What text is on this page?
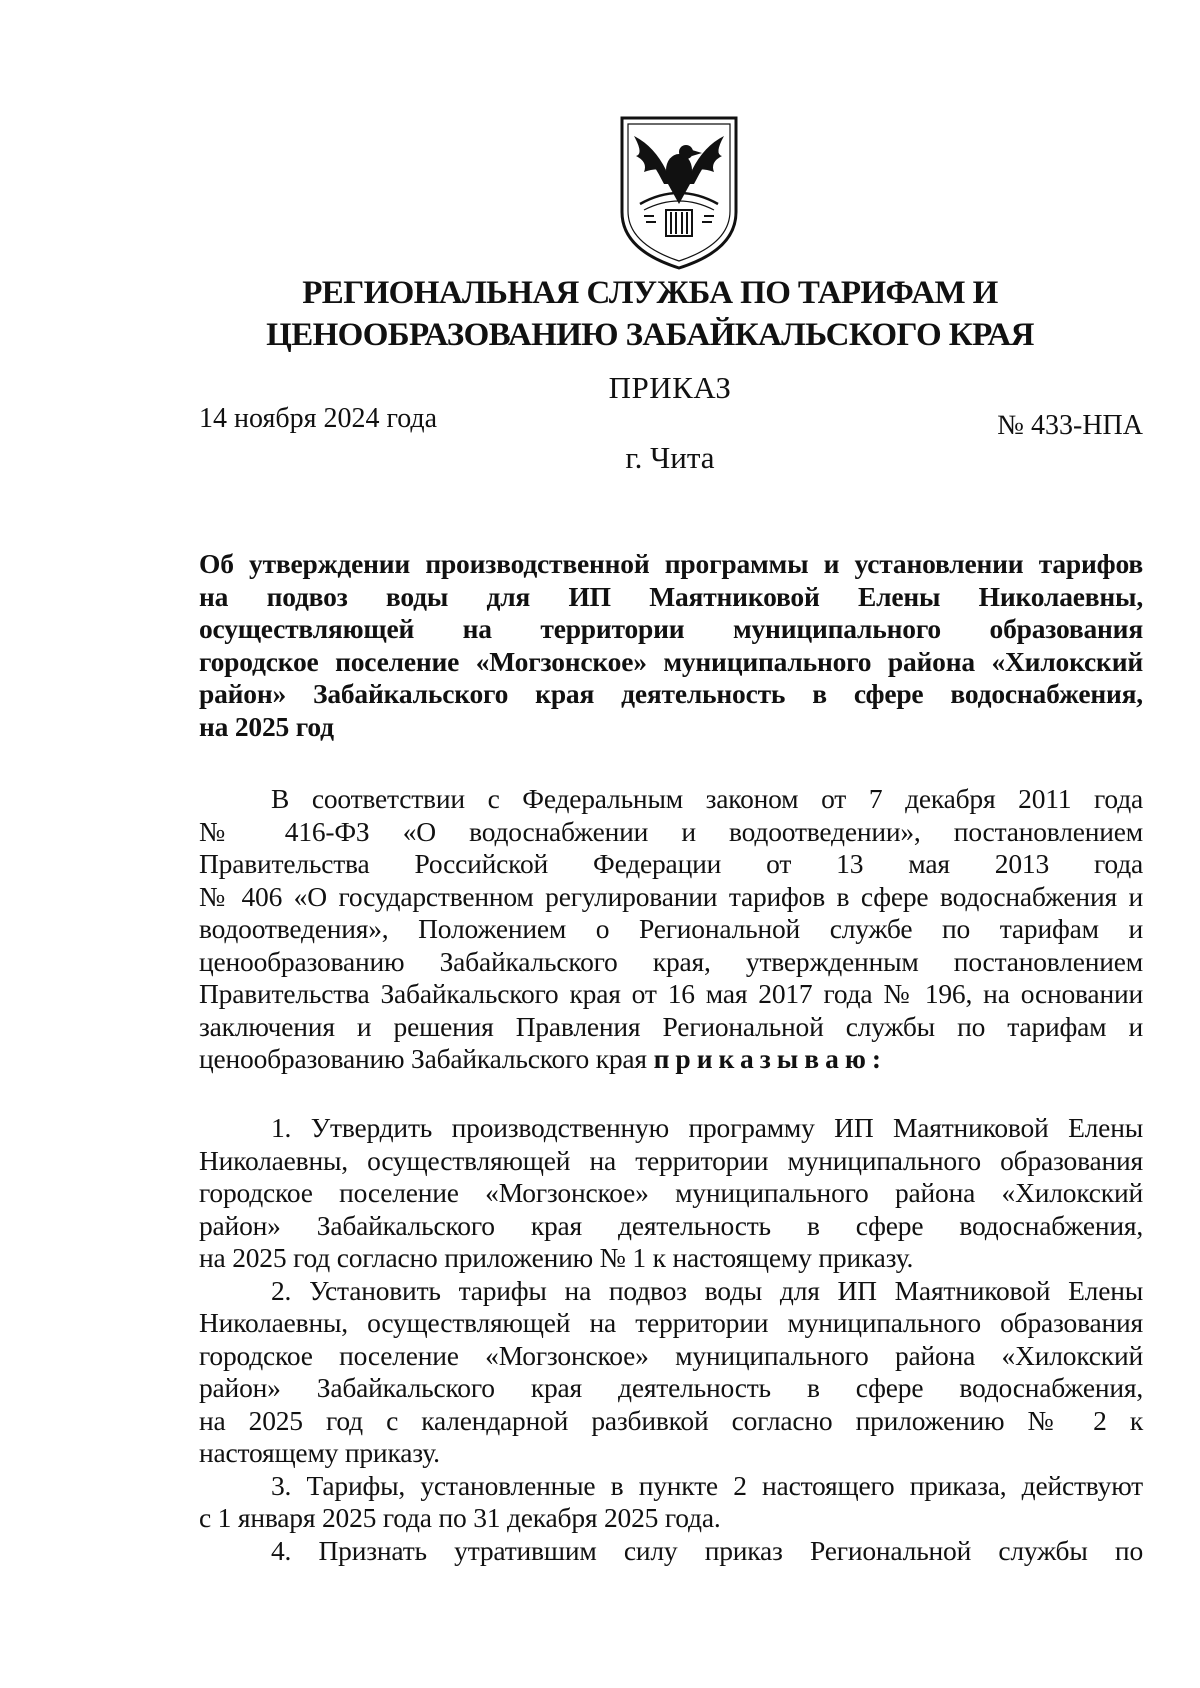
РЕГИОНАЛЬНАЯ СЛУЖБА ПО ТАРИФАМ И
ЦЕНООБРАЗОВАНИЮ ЗАБАЙКАЛЬСКОГО КРАЯ
ПРИКАЗ
14 ноября 2024 года	№ 433-НПА
г. Чита
Об утверждении производственной программы и установлении тарифов
на подвоз воды для ИП Маятниковой Елены Николаевны,
осуществляющей на территории муниципального образования
городское поселение «Могзонское» муниципального района «Хилокский
район» Забайкальского края деятельность в сфере водоснабжения,
на 2025 год
В соответствии с Федеральным законом от 7 декабря 2011 года
№ 416-ФЗ «О водоснабжении и водоотведении», постановлением
Правительства Российской Федерации от 13 мая 2013 года
№ 406 «О государственном регулировании тарифов в сфере водоснабжения и
водоотведения», Положением о Региональной службе по тарифам и
ценообразованию Забайкальского края, утвержденным постановлением
Правительства Забайкальского края от 16 мая 2017 года № 196, на основании
заключения и решения Правления Региональной службы по тарифам и
ценообразованию Забайкальского края приказываю:
1. Утвердить производственную программу ИП Маятниковой Елены
Николаевны, осуществляющей на территории муниципального образования
городское поселение «Могзонское» муниципального района «Хилокский
район» Забайкальского края деятельность в сфере водоснабжения,
на 2025 год согласно приложению № 1 к настоящему приказу.
2. Установить тарифы на подвоз воды для ИП Маятниковой Елены
Николаевны, осуществляющей на территории муниципального образования
городское поселение «Могзонское» муниципального района «Хилокский
район» Забайкальского края деятельность в сфере водоснабжения,
на 2025 год с календарной разбивкой согласно приложению № 2 к
настоящему приказу.
3. Тарифы, установленные в пункте 2 настоящего приказа, действуют
с 1 января 2025 года по 31 декабря 2025 года.
4. Признать утратившим силу приказ Региональной службы по
